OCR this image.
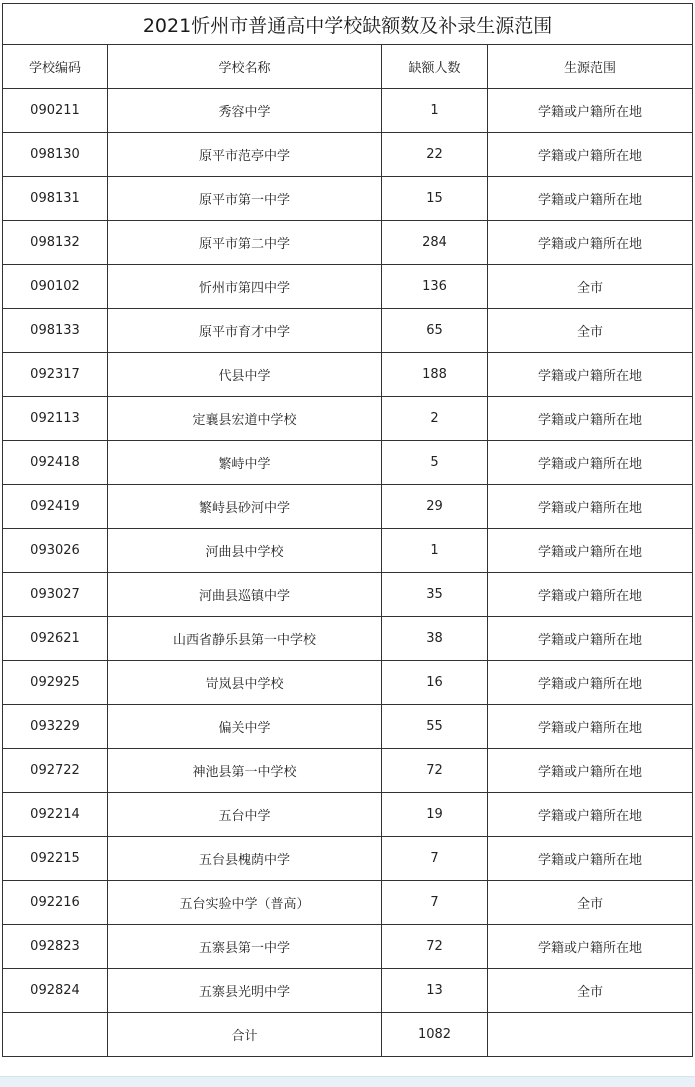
2021忻州市普通高中学校缺额数及补录生源范围			
学校编码	学校名称	缺额人数	生源范围
090211	秀容中学	1	学籍或户籍所在地
098130	原平市范亭中学	22	学籍或户籍所在地
098131	原平市第一中学	15	学籍或户籍所在地
098132	原平市第二中学	284	学籍或户籍所在地
090102	忻州市第四中学	136	全市
098133	原平市育才中学	65	全市
092317	代县中学	188	学籍或户籍所在地
092113	定襄县宏道中学校	2	学籍或户籍所在地
092418	繁峙中学	5	学籍或户籍所在地
092419	繁峙县砂河中学	29	学籍或户籍所在地
093026	河曲县中学校	1	学籍或户籍所在地
093027	河曲县巡镇中学	35	学籍或户籍所在地
092621	山西省静乐县第一中学校	38	学籍或户籍所在地
092925	岢岚县中学校	16	学籍或户籍所在地
093229	偏关中学	55	学籍或户籍所在地
092722	神池县第一中学校	72	学籍或户籍所在地
092214	五台中学	19	学籍或户籍所在地
092215	五台县槐荫中学	7	学籍或户籍所在地
092216	五台实验中学（普高）	7	全市
092823	五寨县第一中学	72	学籍或户籍所在地
092824	五寨县光明中学	13	全市
	合计	1082	
